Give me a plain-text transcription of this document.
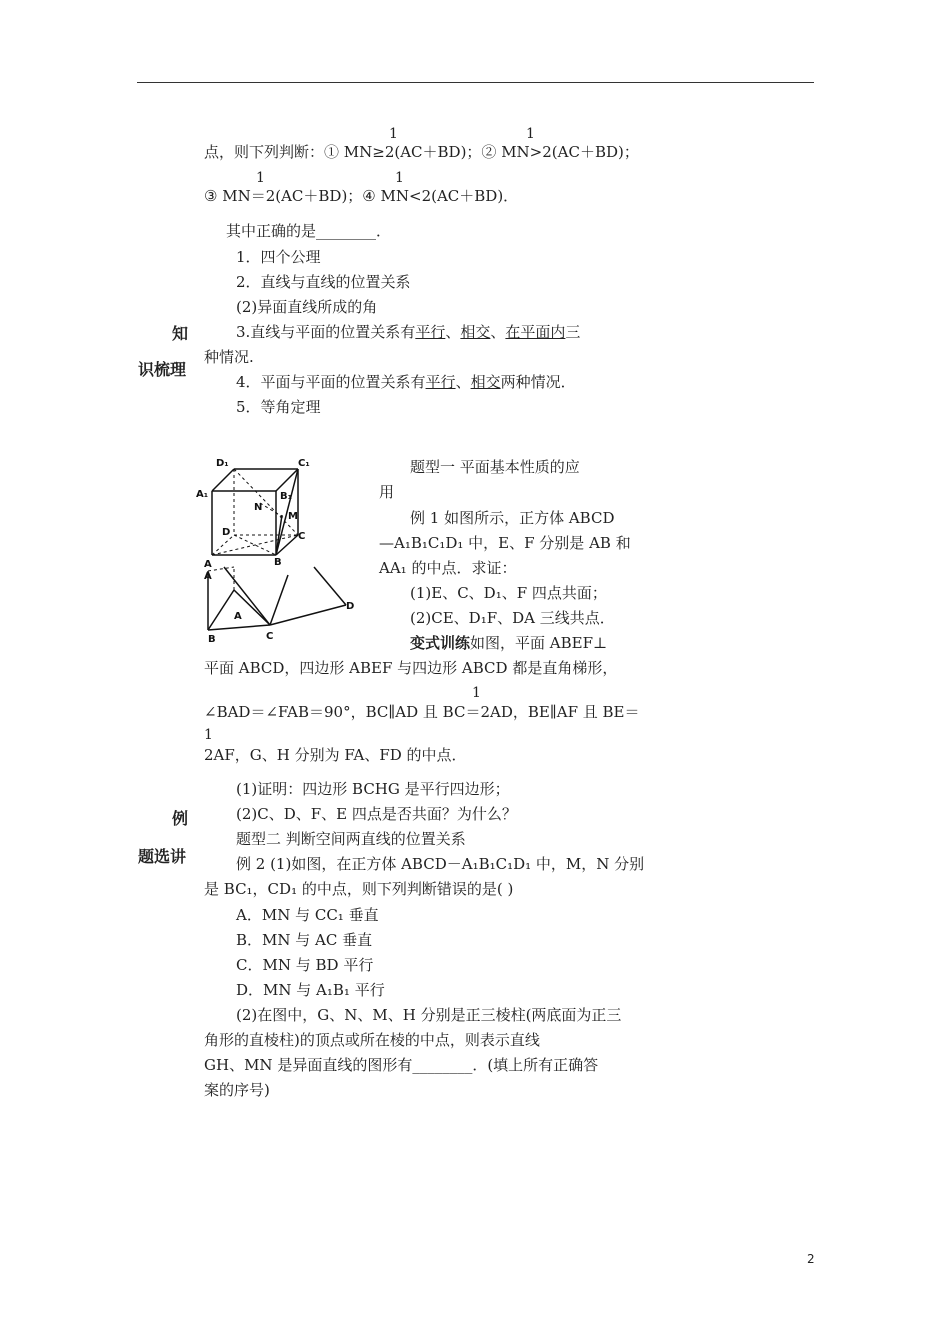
1	1
点，则下列判断：① MN≥2(AC＋BD)；② MN>2(AC＋BD)；
1	1
③ MN＝2(AC＋BD)；④ MN<2(AC＋BD)．
其中正确的是________．
知
识梳理
1．四个公理
2．直线与直线的位置关系
(2)异面直线所成的角
3.直线与平面的位置关系有平行、相交、在平面内三
种情况.
4．平面与平面的位置关系有平行、相交两种情况．
5．等角定理
D₁	C₁
A₁	B₁
N
M
D	C
A	B
A
B	C
D
A
题型一 平面基本性质的应
用
例 1 如图所示，正方体 ABCD
—A₁B₁C₁D₁ 中，E、F 分别是 AB 和
AA₁ 的中点．求证：
(1)E、C、D₁、F 四点共面；
(2)CE、D₁F、DA 三线共点．
变式训练如图，平面 ABEF⊥
平面 ABCD，四边形 ABEF 与四边形 ABCD 都是直角梯形，
1
∠BAD＝∠FAB＝90°，BC∥AD 且 BC＝2AD，BE∥AF 且 BE＝
1
2AF，G、H 分别为 FA、FD 的中点．
(1)证明：四边形 BCHG 是平行四边形；
(2)C、D、F、E 四点是否共面？为什么？
题型二 判断空间两直线的位置关系
例 2 (1)如图，在正方体 ABCD－A₁B₁C₁D₁ 中，M，N 分别
是 BC₁，CD₁ 的中点，则下列判断错误的是( )
A．MN 与 CC₁ 垂直
B．MN 与 AC 垂直
C．MN 与 BD 平行
D．MN 与 A₁B₁ 平行
(2)在图中，G、N、M、H 分别是正三棱柱(两底面为正三
角形的直棱柱)的顶点或所在棱的中点，则表示直线
GH、MN 是异面直线的图形有________．(填上所有正确答
案的序号)
例
题选讲
2
